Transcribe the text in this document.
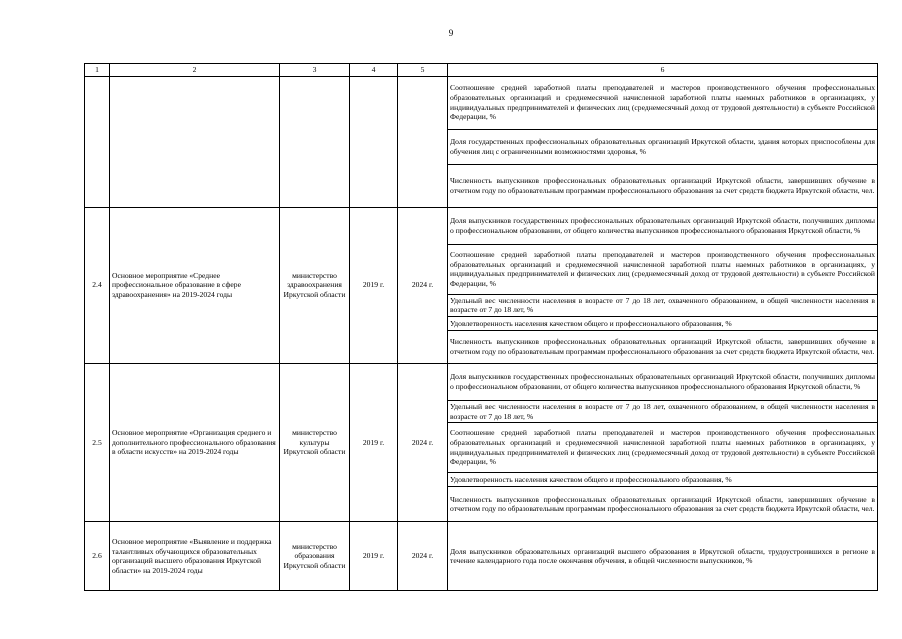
9
1	2	3	4	5	6
					Соотношение средней заработной платы преподавателей и мастеров производственного обучения профессиональных образовательных организаций и среднемесячной начисленной заработной платы наемных работников в организациях, у индивидуальных предпринимателей и физических лиц (среднемесячный доход от трудовой деятельности) в субъекте Российской Федерации, %
					Доля государственных профессиональных образовательных организаций Иркутской области, здания которых приспособлены для обучения лиц с ограниченными возможностями здоровья, %
					Численность выпускников профессиональных образовательных организаций Иркутской области, завершивших обучение в отчетном году по образовательным программам профессионального образования за счет средств бюджета Иркутской области, чел.
2.4	Основное мероприятие «Среднее профессиональное образование в сфере здравоохранения» на 2019-2024 годы	министерство здравоохранения Иркутской области	2019 г.	2024 г.	Доля выпускников государственных профессиональных образовательных организаций Иркутской области, получивших дипломы о профессиональном образовании, от общего количества выпускников профессионального образования Иркутской области, %
					Соотношение средней заработной платы преподавателей и мастеров производственного обучения профессиональных образовательных организаций и среднемесячной начисленной заработной платы наемных работников в организациях, у индивидуальных предпринимателей и физических лиц (среднемесячный доход от трудовой деятельности) в субъекте Российской Федерации, %
					Удельный вес численности населения в возрасте от 7 до 18 лет, охваченного образованием, в общей численности населения в возрасте от 7 до 18 лет, %
					Удовлетворенность населения качеством общего и профессионального образования, %
					Численность выпускников профессиональных образовательных организаций Иркутской области, завершивших обучение в отчетном году по образовательным программам профессионального образования за счет средств бюджета Иркутской области, чел.
2.5	Основное мероприятие «Организация среднего и дополнительного профессионального образования в области искусств» на 2019-2024 годы	министерство культуры Иркутской области	2019 г.	2024 г.	Доля выпускников государственных профессиональных образовательных организаций Иркутской области, получивших дипломы о профессиональном образовании, от общего количества выпускников профессионального образования Иркутской области, %
					Удельный вес численности населения в возрасте от 7 до 18 лет, охваченного образованием, в общей численности населения в возрасте от 7 до 18 лет, %
					Соотношение средней заработной платы преподавателей и мастеров производственного обучения профессиональных образовательных организаций и среднемесячной начисленной заработной платы наемных работников в организациях, у индивидуальных предпринимателей и физических лиц (среднемесячный доход от трудовой деятельности) в субъекте Российской Федерации, %
					Удовлетворенность населения качеством общего и профессионального образования, %
					Численность выпускников профессиональных образовательных организаций Иркутской области, завершивших обучение в отчетном году по образовательным программам профессионального образования за счет средств бюджета Иркутской области, чел.
2.6	Основное мероприятие «Выявление и поддержка талантливых обучающихся образовательных организаций высшего образования Иркутской области» на 2019-2024 годы	министерство образования Иркутской области	2019 г.	2024 г.	Доля выпускников образовательных организаций высшего образования в Иркутской области, трудоустроившихся в регионе в течение календарного года после окончания обучения, в общей численности выпускников, %
